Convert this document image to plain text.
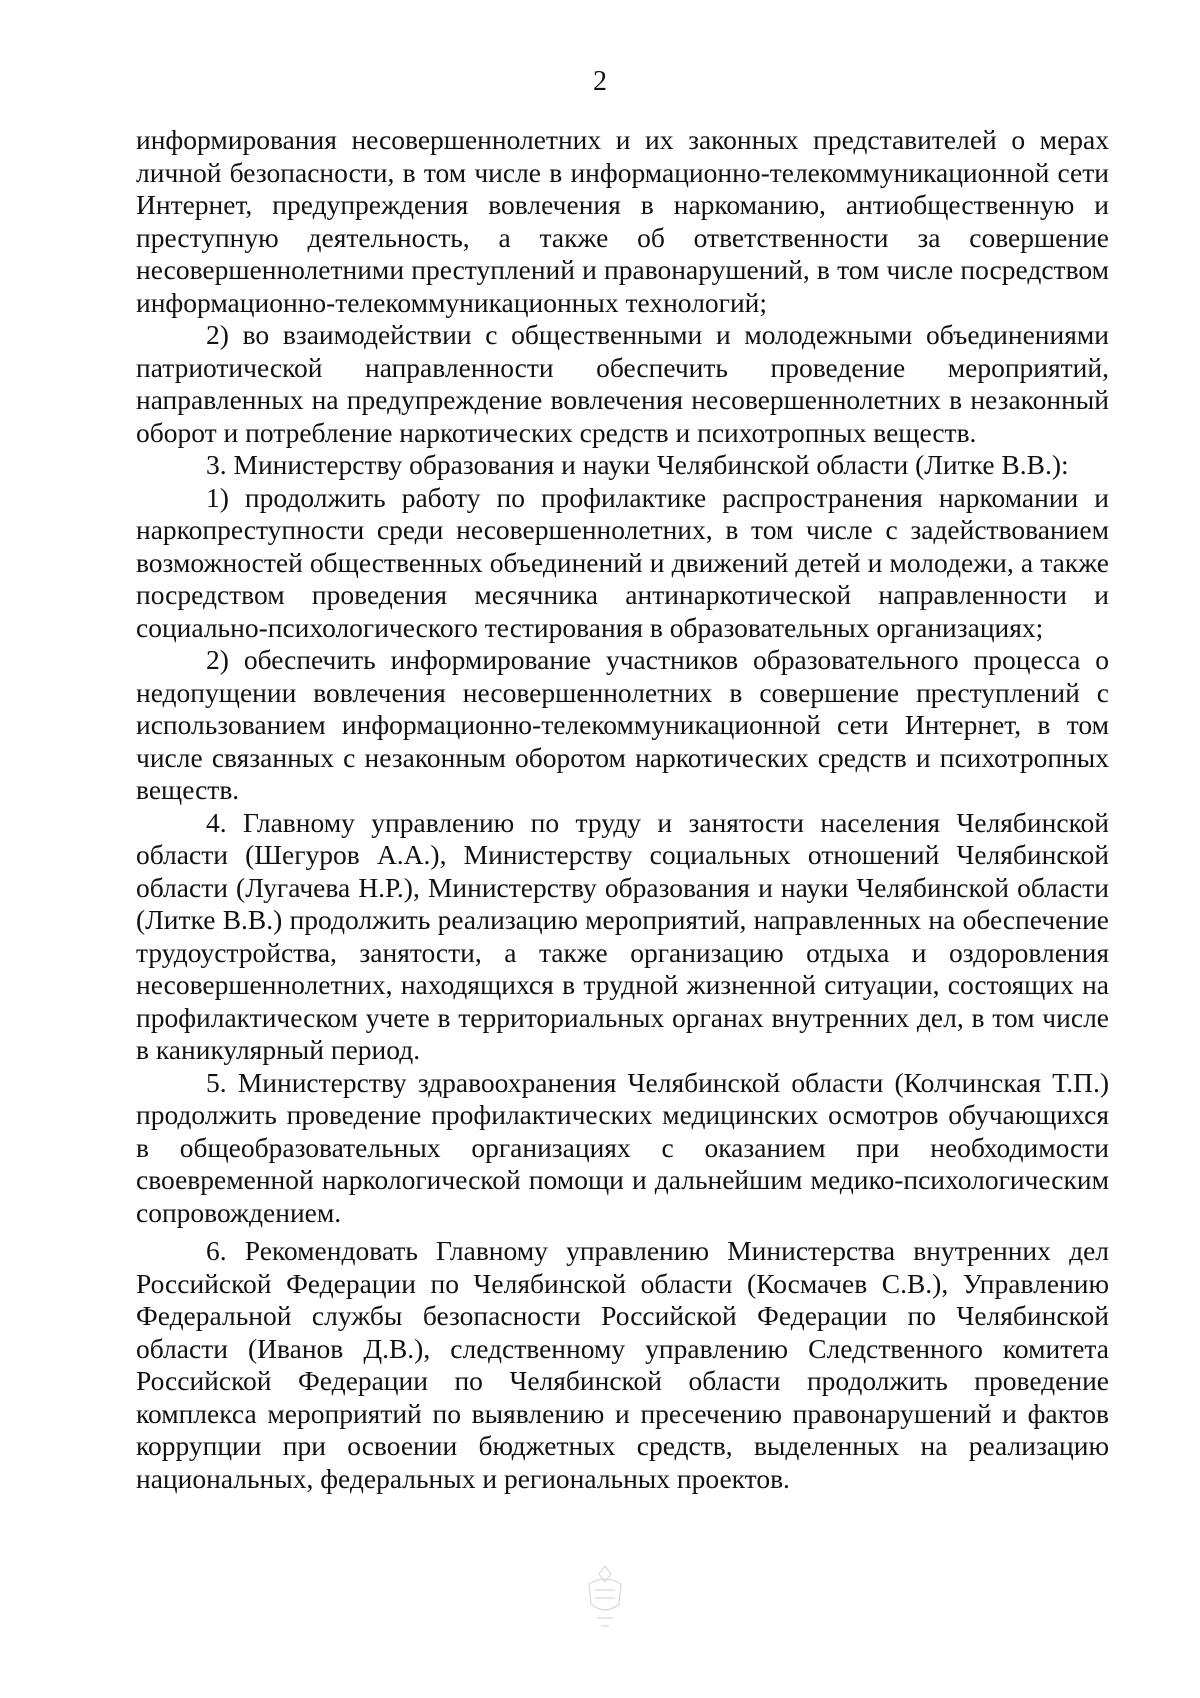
2

информирования несовершеннолетних и их законных представителей о мерах личной безопасности, в том числе в информационно-телекоммуникационной сети Интернет, предупреждения вовлечения в наркоманию, антиобщественную и преступную деятельность, а также об ответственности за совершение несовершеннолетними преступлений и правонарушений, в том числе посредством информационно-телекоммуникационных технологий;

2) во взаимодействии с общественными и молодежными объединениями патриотической направленности обеспечить проведение мероприятий, направленных на предупреждение вовлечения несовершеннолетних в незаконный оборот и потребление наркотических средств и психотропных веществ.

3. Министерству образования и науки Челябинской области (Литке В.В.):

1) продолжить работу по профилактике распространения наркомании и наркопреступности среди несовершеннолетних, в том числе с задействованием возможностей общественных объединений и движений детей и молодежи, а также посредством проведения месячника антинаркотической направленности и социально-психологического тестирования в образовательных организациях;

2) обеспечить информирование участников образовательного процесса о недопущении вовлечения несовершеннолетних в совершение преступлений с использованием информационно-телекоммуникационной сети Интернет, в том числе связанных с незаконным оборотом наркотических средств и психотропных веществ.

4. Главному управлению по труду и занятости населения Челябинской области (Шегуров А.А.), Министерству социальных отношений Челябинской области (Лугачева Н.Р.), Министерству образования и науки Челябинской области (Литке В.В.) продолжить реализацию мероприятий, направленных на обеспечение трудоустройства, занятости, а также организацию отдыха и оздоровления несовершеннолетних, находящихся в трудной жизненной ситуации, состоящих на профилактическом учете в территориальных органах внутренних дел, в том числе в каникулярный период.

5. Министерству здравоохранения Челябинской области (Колчинская Т.П.) продолжить проведение профилактических медицинских осмотров обучающихся в общеобразовательных организациях с оказанием при необходимости своевременной наркологической помощи и дальнейшим медико-психологическим сопровождением.

6. Рекомендовать Главному управлению Министерства внутренних дел Российской Федерации по Челябинской области (Космачев С.В.), Управлению Федеральной службы безопасности Российской Федерации по Челябинской области (Иванов Д.В.), следственному управлению Следственного комитета Российской Федерации по Челябинской области продолжить проведение комплекса мероприятий по выявлению и пресечению правонарушений и фактов коррупции при освоении бюджетных средств, выделенных на реализацию национальных, федеральных и региональных проектов.
